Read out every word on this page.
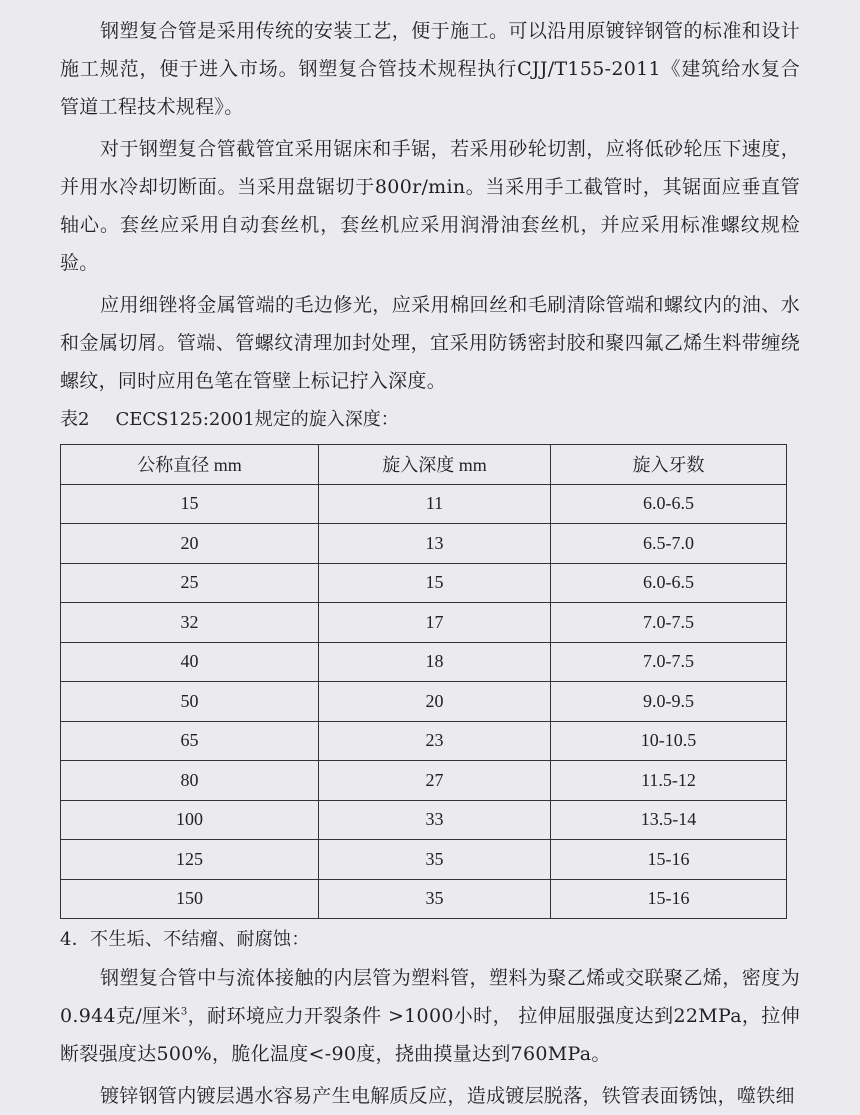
钢塑复合管是采用传统的安装工艺，便于施工。可以沿用原镀锌钢管的标准和设计施工规范，便于进入市场。钢塑复合管技术规程执行CJJ/T155-2011《建筑给水复合管道工程技术规程》。

对于钢塑复合管截管宜采用锯床和手锯，若采用砂轮切割，应将低砂轮压下速度，并用水冷却切断面。当采用盘锯切于800r/min。当采用手工截管时，其锯面应垂直管轴心。套丝应采用自动套丝机，套丝机应采用润滑油套丝机，并应采用标准螺纹规检验。

应用细锉将金属管端的毛边修光，应采用棉回丝和毛刷清除管端和螺纹内的油、水和金属切屑。管端、管螺纹清理加封处理，宜采用防锈密封胶和聚四氟乙烯生料带缠绕螺纹，同时应用色笔在管壁上标记拧入深度。

表2 CECS125:2001规定的旋入深度：
公称直径 mm	旋入深度 mm	旋入牙数
15	11	6.0-6.5
20	13	6.5-7.0
25	15	6.0-6.5
32	17	7.0-7.5
40	18	7.0-7.5
50	20	9.0-9.5
65	23	10-10.5
80	27	11.5-12
100	33	13.5-14
125	35	15-16
150	35	15-16

4．不生垢、不结瘤、耐腐蚀：

钢塑复合管中与流体接触的内层管为塑料管，塑料为聚乙烯或交联聚乙烯，密度为0.944克/厘米$^3$，耐环境应力开裂条件 >1000小时， 拉伸屈服强度达到22MPa，拉伸断裂强度达500%，脆化温度<-90度，挠曲摸量达到760MPa。

镀锌钢管内镀层遇水容易产生电解质反应，造成镀层脱落，铁管表面锈蚀，噬铁细
